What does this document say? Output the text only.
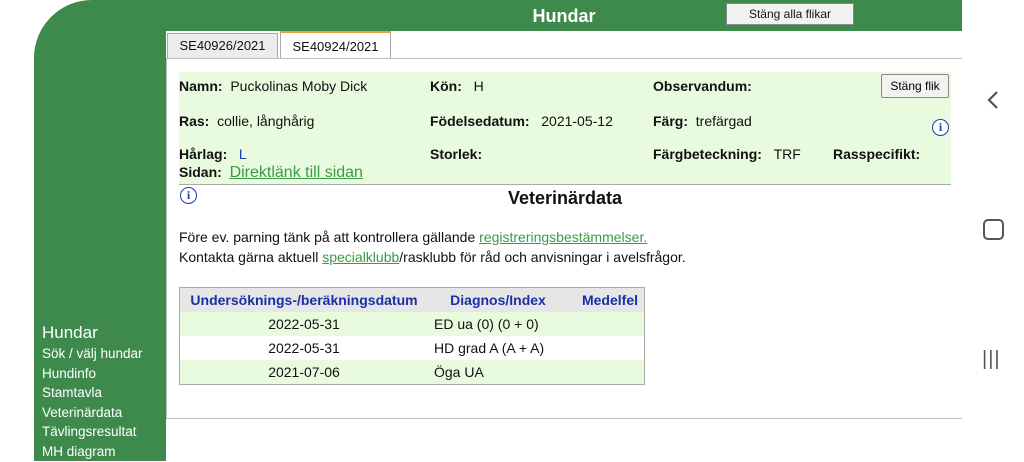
Hundar
Sök / välj hundar
Hundinfo
Stamtavla
Veterinärdata
Tävlingsresultat
MH diagram
Hundar	Stäng alla flikar
SE40926/2021	SE40924/2021
Namn: Puckolinas Moby Dick	Kön: H	Observandum:	Stäng flik
Ras: collie, långhårig	Födelsedatum: 2021-05-12	Färg: trefärgad	i
Hårlag: L	Storlek:	Färgbeteckning: TRF Rasspecifikt:
Sidan: Direktlänk till sidan
i	Veterinärdata
Före ev. parning tänk på att kontrollera gällande registreringsbestämmelser.
Kontakta gärna aktuell specialklubb/rasklubb för råd och anvisningar i avelsfrågor.
Undersöknings-/beräkningsdatum	Diagnos/Index	Medelfel
2022-05-31	ED ua (0) (0 + 0)	
2022-05-31	HD grad A (A + A)	
2021-07-06	Öga UA	
|||
